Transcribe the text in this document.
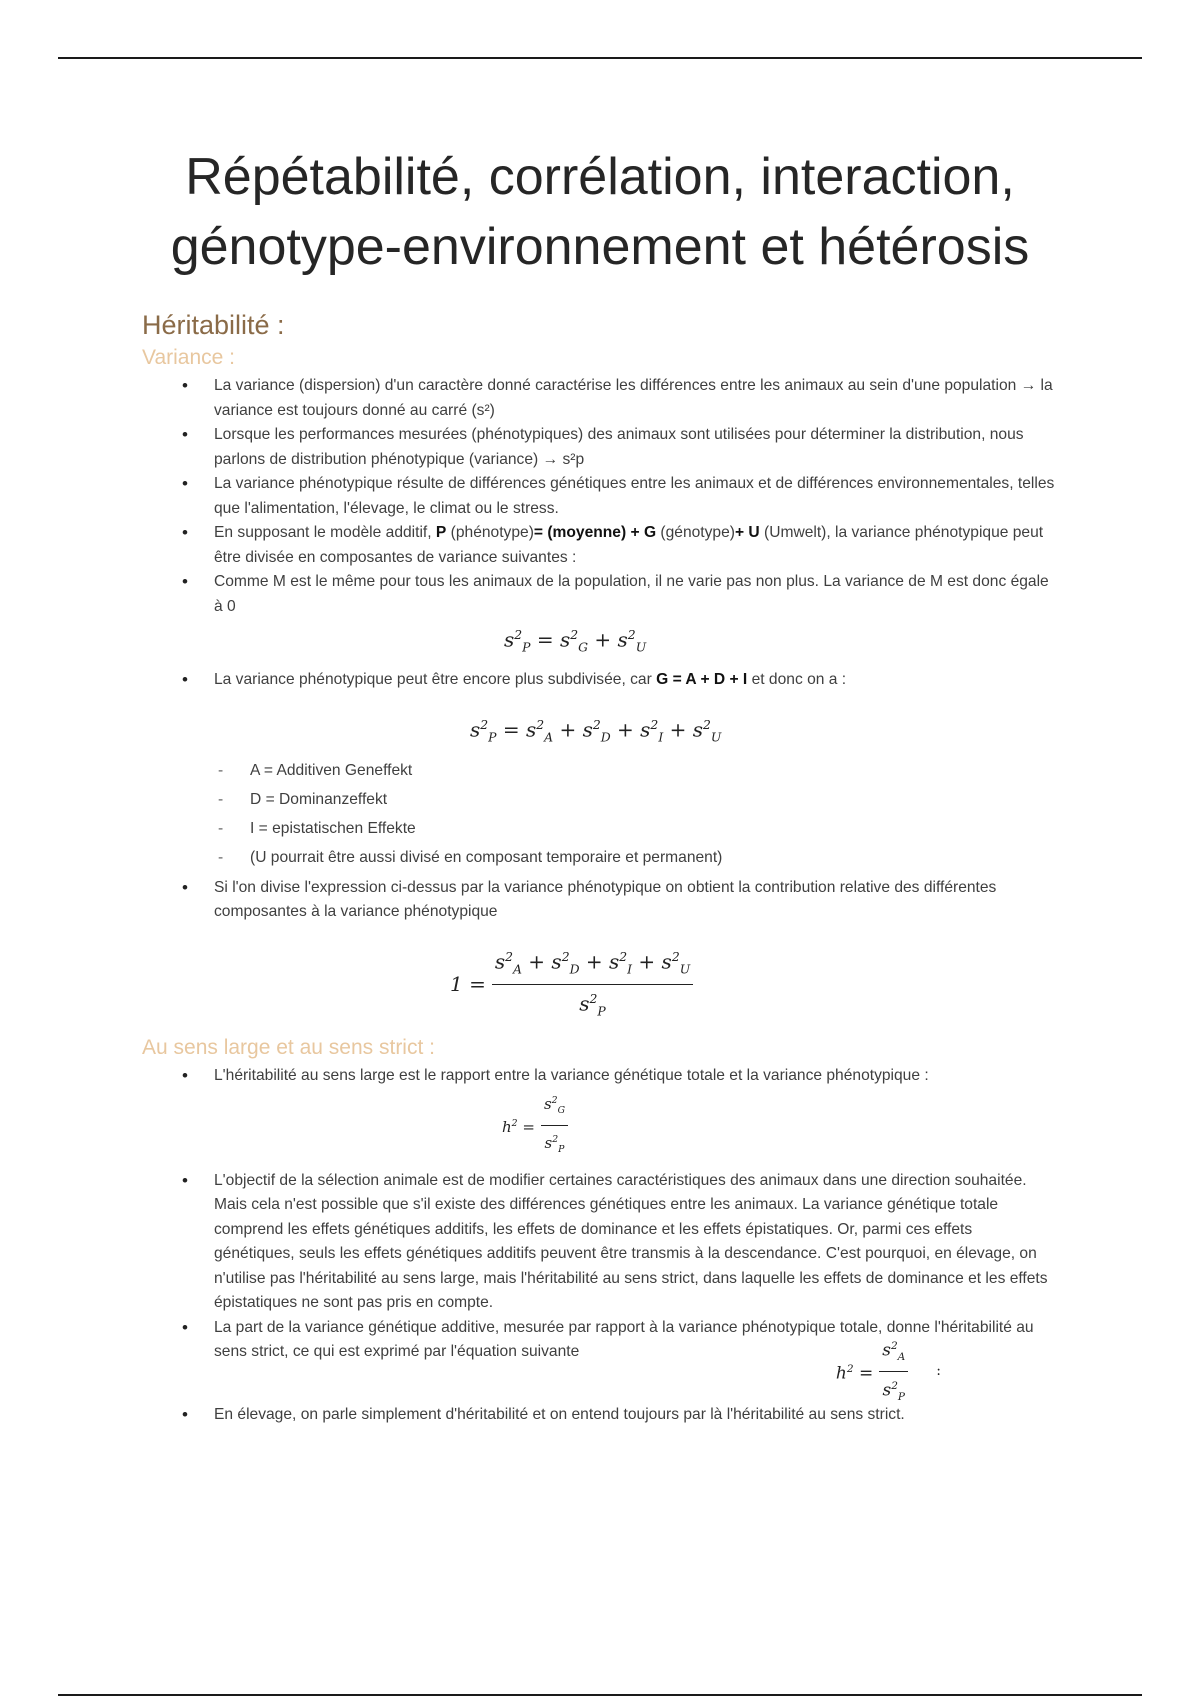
Répétabilité, corrélation, interaction,
génotype-environnement et hétérosis
Héritabilité :
Variance :
• La variance (dispersion) d'un caractère donné caractérise les différences entre les animaux au sein d'une population → la variance est toujours donné au carré (s²)
• Lorsque les performances mesurées (phénotypiques) des animaux sont utilisées pour déterminer la distribution, nous parlons de distribution phénotypique (variance) → s²p
• La variance phénotypique résulte de différences génétiques entre les animaux et de différences environnementales, telles que l'alimentation, l'élevage, le climat ou le stress.
• En supposant le modèle additif, P (phénotype)= (moyenne) + G (génotype)+ U (Umwelt), la variance phénotypique peut être divisée en composantes de variance suivantes :
• Comme M est le même pour tous les animaux de la population, il ne varie pas non plus. La variance de M est donc égale à 0
$s^2_P = s^2_G + s^2_U$
• La variance phénotypique peut être encore plus subdivisée, car G = A + D + I et donc on a :
$s^2_P = s^2_A + s^2_D + s^2_I + s^2_U$
- A = Additiven Geneffekt
- D = Dominanzeffekt
- I = epistatischen Effekte
- (U pourrait être aussi divisé en composant temporaire et permanent)
• Si l'on divise l'expression ci-dessus par la variance phénotypique on obtient la contribution relative des différentes composantes à la variance phénotypique
$1 = \frac{s^2_A + s^2_D + s^2_I + s^2_U}{s^2_P}$
Au sens large et au sens strict :
• L'héritabilité au sens large est le rapport entre la variance génétique totale et la variance phénotypique :
$h^2 = \frac{s^2_G}{s^2_P}$
• L'objectif de la sélection animale est de modifier certaines caractéristiques des animaux dans une direction souhaitée. Mais cela n'est possible que s'il existe des différences génétiques entre les animaux. La variance génétique totale comprend les effets génétiques additifs, les effets de dominance et les effets épistatiques. Or, parmi ces effets génétiques, seuls les effets génétiques additifs peuvent être transmis à la descendance. C'est pourquoi, en élevage, on n'utilise pas l'héritabilité au sens large, mais l'héritabilité au sens strict, dans laquelle les effets de dominance et les effets épistatiques ne sont pas pris en compte.
• La part de la variance génétique additive, mesurée par rapport à la variance phénotypique totale, donne l'héritabilité au sens strict, ce qui est exprimé par l'équation suivante
$h^2 = \frac{s^2_A}{s^2_P}$ :
• En élevage, on parle simplement d'héritabilité et on entend toujours par là l'héritabilité au sens strict.
